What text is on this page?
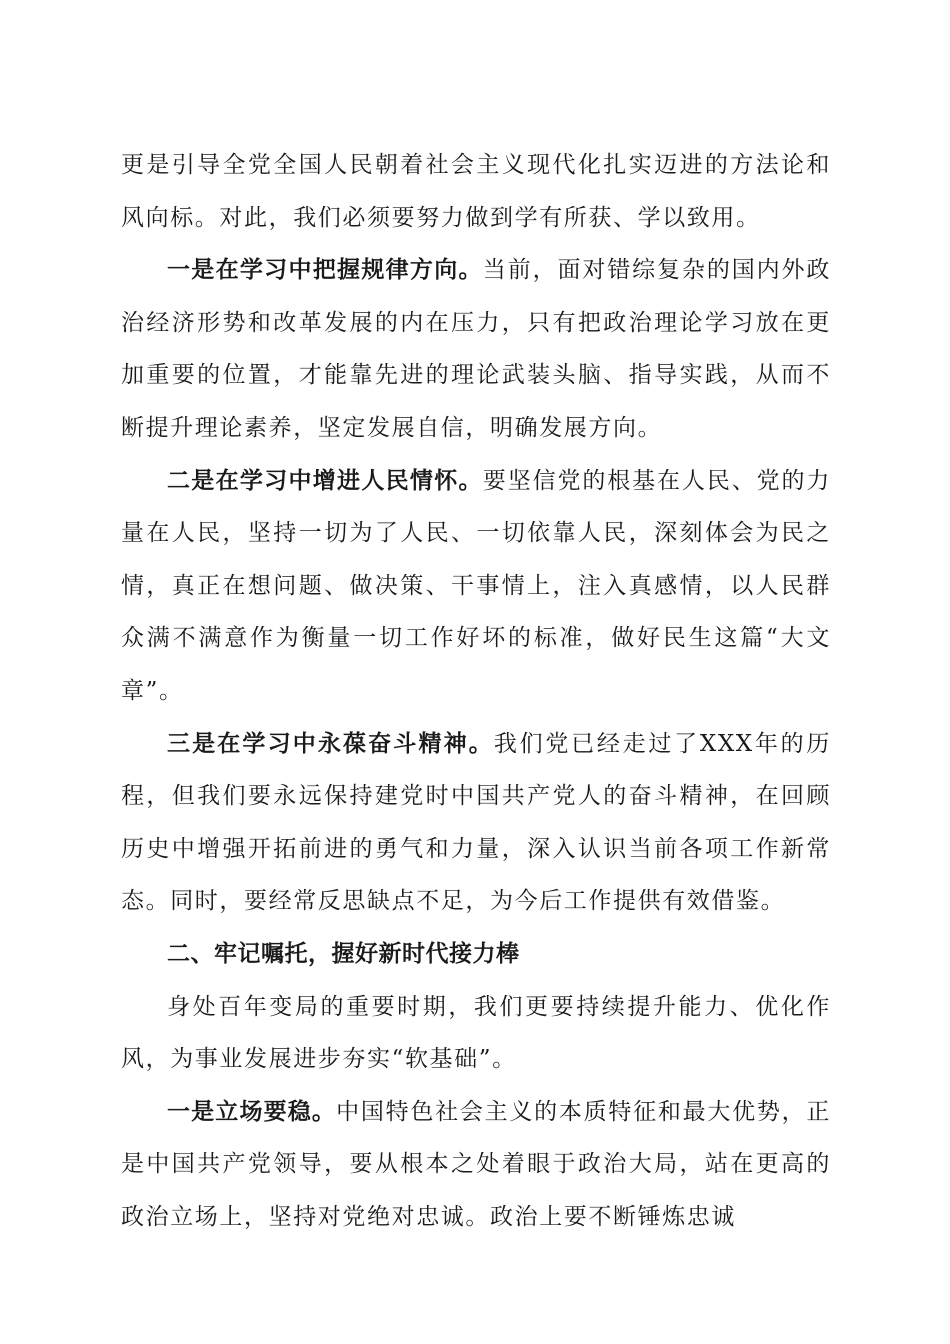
更是引导全党全国人民朝着社会主义现代化扎实迈进的方法论和风向标。对此，我们必须要努力做到学有所获、学以致用。

一是在学习中把握规律方向。当前，面对错综复杂的国内外政治经济形势和改革发展的内在压力，只有把政治理论学习放在更加重要的位置，才能靠先进的理论武装头脑、指导实践，从而不断提升理论素养，坚定发展自信，明确发展方向。

二是在学习中增进人民情怀。要坚信党的根基在人民、党的力量在人民，坚持一切为了人民、一切依靠人民，深刻体会为民之情，真正在想问题、做决策、干事情上，注入真感情，以人民群众满不满意作为衡量一切工作好坏的标准，做好民生这篇“大文章”。

三是在学习中永葆奋斗精神。我们党已经走过了XXX年的历程，但我们要永远保持建党时中国共产党人的奋斗精神，在回顾历史中增强开拓前进的勇气和力量，深入认识当前各项工作新常态。同时，要经常反思缺点不足，为今后工作提供有效借鉴。

二、牢记嘱托，握好新时代接力棒

身处百年变局的重要时期，我们更要持续提升能力、优化作风，为事业发展进步夯实“软基础”。

一是立场要稳。中国特色社会主义的本质特征和最大优势，正是中国共产党领导，要从根本之处着眼于政治大局，站在更高的政治立场上，坚持对党绝对忠诚。政治上要不断锤炼忠诚
